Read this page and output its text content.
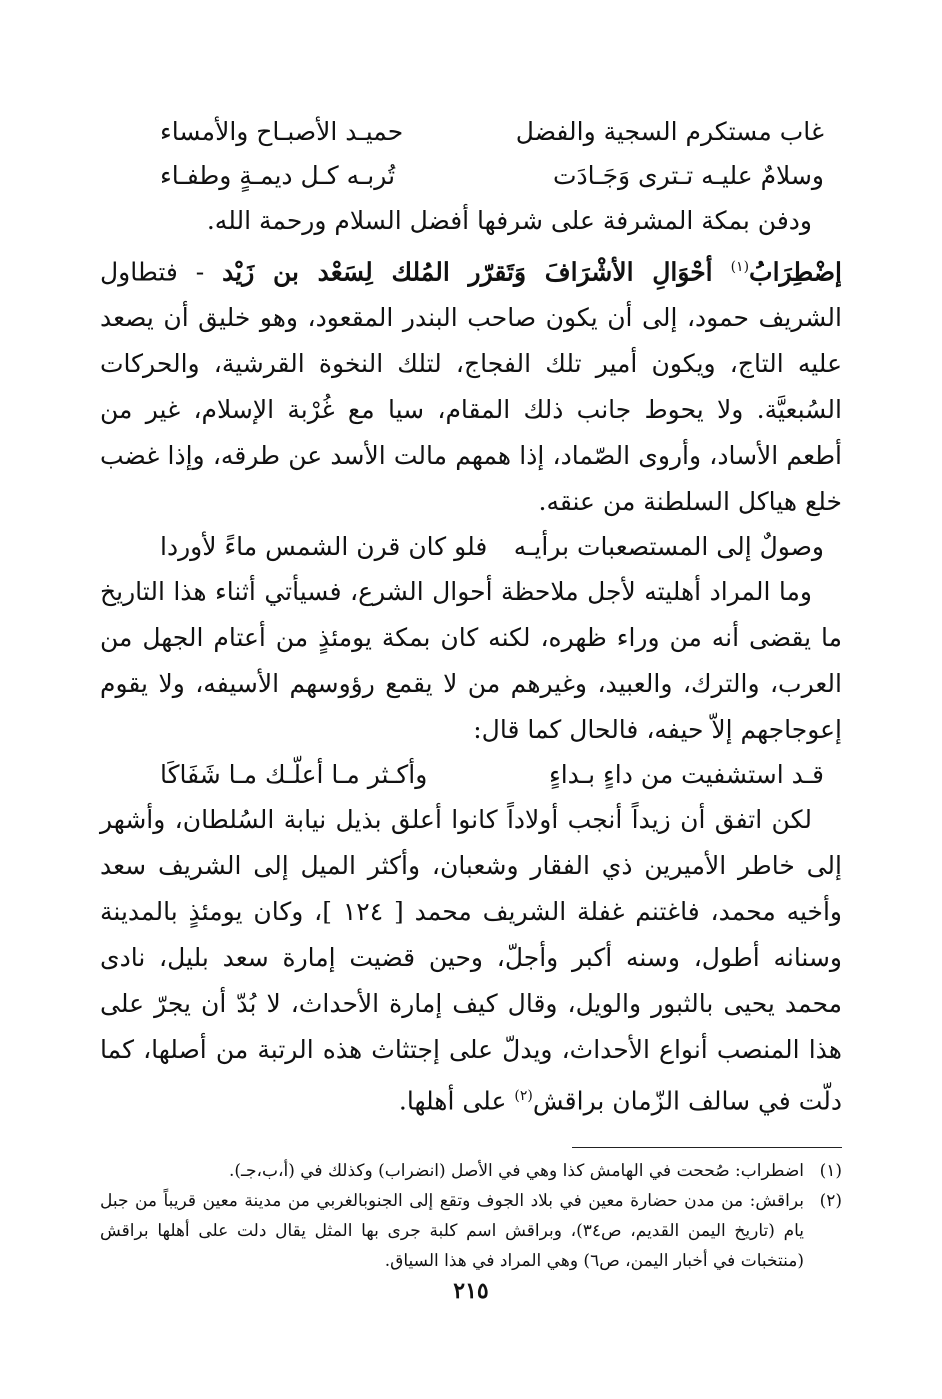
غاب مستكرم السجية والفضل
حميـد الأصبـاح والأمساء
وسلامٌ عليـه تـترى وَجَـادَت
تُربـه كـل ديمـةٍ وطفـاء

ودفن بمكة المشرفة على شرفها أفضل السلام ورحمة الله.

إضْطِرَابُ$^{(١)}$ أحْوَالِ الأشْرَافَ وَتَقرّر المُلك لِسَعْد بن زَيْد - فتطاول الشريف حمود، إلى أن يكون صاحب البندر المقعود، وهو خليق أن يصعد عليه التاج، ويكون أمير تلك الفجاج، لتلك النخوة القرشية، والحركات السُبعيَّة. ولا يحوط جانب ذلك المقام، سيا مع غُرْبة الإسلام، غير من أطعم الأساد، وأروى الصّماد، إذا همهم مالت الأسد عن طرقه، وإذا غضب خلع هياكل السلطنة من عنقه.

وصولٌ إلى المستصعبات برأيـه
فلو كان قرن الشمس ماءً لأوردا

وما المراد أهليته لأجل ملاحظة أحوال الشرع، فسيأتي أثناء هذا التاريخ ما يقضى أنه من وراء ظهره، لكنه كان بمكة يومئذٍ من أعتام الجهل من العرب، والترك، والعبيد، وغيرهم من لا يقمع رؤوسهم الأسيفه، ولا يقوم إعوجاجهم إلاّ حيفه، فالحال كما قال:

قـد استشفيت من داءٍ بـداءٍ
وأكـثر مـا أعلّـك مـا شَفَاكَا

لكن اتفق أن زيداً أنجب أولاداً كانوا أعلق بذيل نيابة السُلطان، وأشهر إلى خاطر الأميرين ذي الفقار وشعبان، وأكثر الميل إلى الشريف سعد وأخيه محمد، فاغتنم غفلة الشريف محمد [ ١٢٤ ]، وكان يومئذٍ بالمدينة وسنانه أطول، وسنه أكبر وأجلّ، وحين قضيت إمارة سعد بليل، نادى محمد يحيى بالثبور والويل، وقال كيف إمارة الأحداث، لا بُدّ أن يجرّ على هذا المنصب أنواع الأحداث، ويدلّ على إجتثاث هذه الرتبة من أصلها، كما دلّت في سالف الزّمان براقش$^{(٢)}$ على أهلها.

(١)
اضطراب: صُححت في الهامش كذا وهي في الأصل (انضراب) وكذلك في (أ،ب،جـ).
(٢)
براقش: من مدن حضارة معين في بلاد الجوف وتقع إلى الجنوبالغربي من مدينة معين قريباً من جبل يام (تاريخ اليمن القديم، ص٣٤)، وبراقش اسم كلبة جرى بها المثل يقال دلت على أهلها براقش (منتخبات في أخبار اليمن، ص٦) وهي المراد في هذا السياق.
٢١٥
